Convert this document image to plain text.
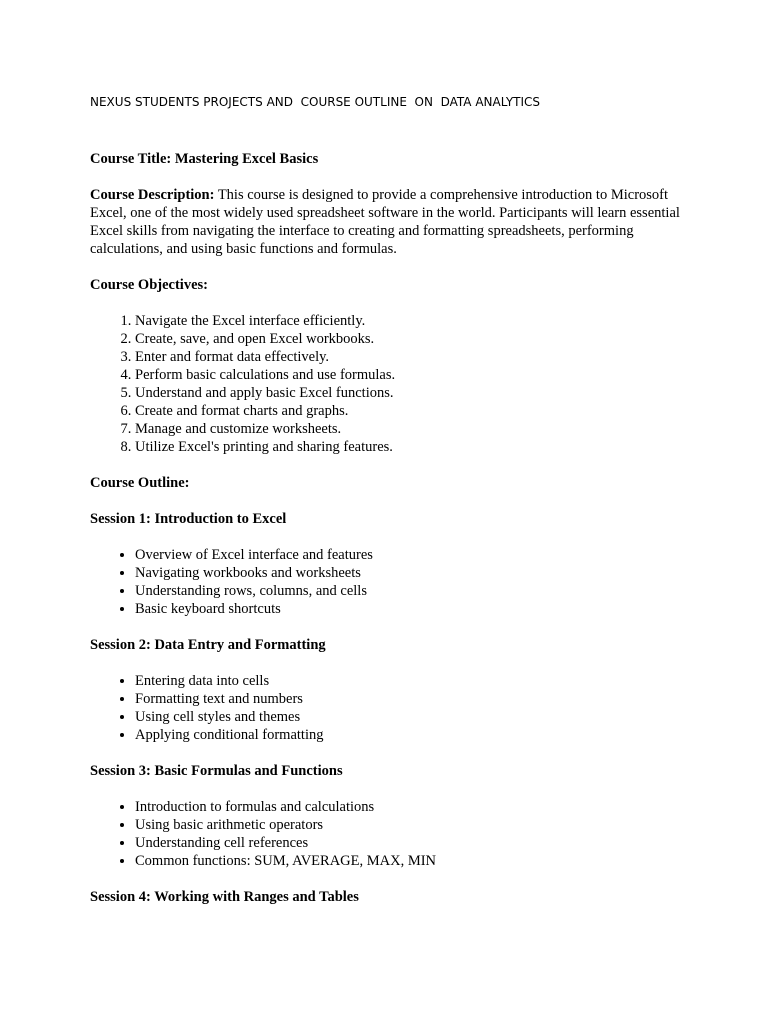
NEXUS STUDENTS PROJECTS AND  COURSE OUTLINE  ON  DATA ANALYTICS

Course Title: Mastering Excel Basics

Course Description: This course is designed to provide a comprehensive introduction to Microsoft Excel, one of the most widely used spreadsheet software in the world. Participants will learn essential Excel skills from navigating the interface to creating and formatting spreadsheets, performing calculations, and using basic functions and formulas.

Course Objectives:

1. Navigate the Excel interface efficiently.
2. Create, save, and open Excel workbooks.
3. Enter and format data effectively.
4. Perform basic calculations and use formulas.
5. Understand and apply basic Excel functions.
6. Create and format charts and graphs.
7. Manage and customize worksheets.
8. Utilize Excel's printing and sharing features.

Course Outline:

Session 1: Introduction to Excel

• Overview of Excel interface and features
• Navigating workbooks and worksheets
• Understanding rows, columns, and cells
• Basic keyboard shortcuts

Session 2: Data Entry and Formatting

• Entering data into cells
• Formatting text and numbers
• Using cell styles and themes
• Applying conditional formatting

Session 3: Basic Formulas and Functions

• Introduction to formulas and calculations
• Using basic arithmetic operators
• Understanding cell references
• Common functions: SUM, AVERAGE, MAX, MIN

Session 4: Working with Ranges and Tables
